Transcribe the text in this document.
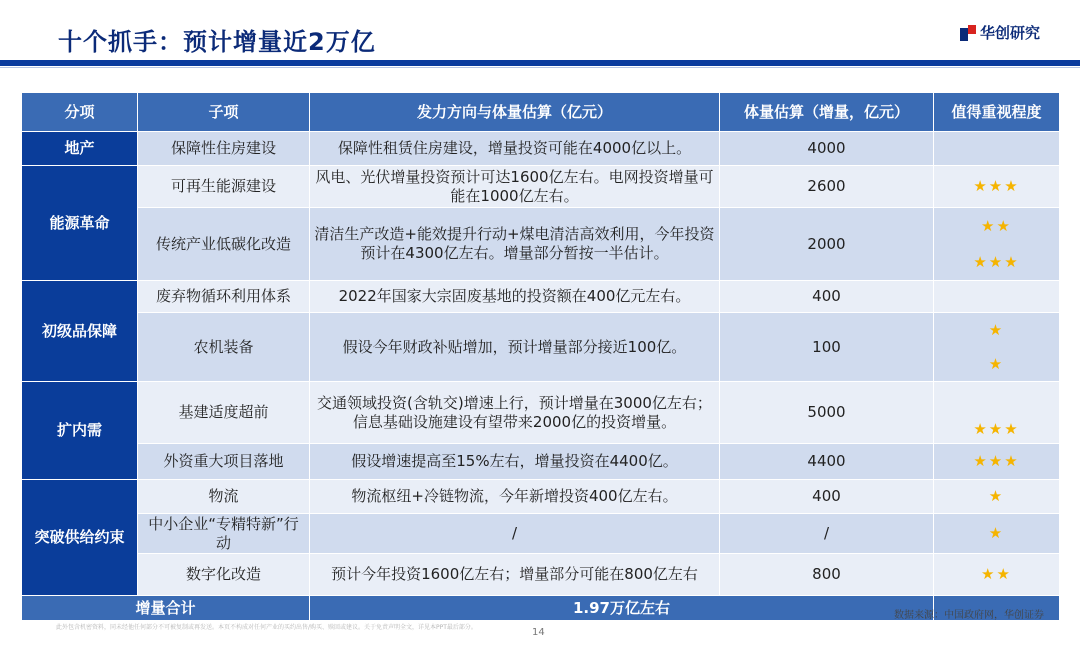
十个抓手：预计增量近2万亿	华创研究
分项	子项	发力方向与体量估算（亿元）	体量估算（增量，亿元）	值得重视程度
地产	保障性住房建设	保障性租赁住房建设，增量投资可能在4000亿以上。	4000	
能源革命	可再生能源建设	风电、光伏增量投资预计可达1600亿左右。电网投资增量可能在1000亿左右。	2600	★★★
	传统产业低碳化改造	清洁生产改造+能效提升行动+煤电清洁高效利用，今年投资预计在4300亿左右。增量部分暂按一半估计。	2000	★★
★★★
初级品保障	废弃物循环利用体系	2022年国家大宗固废基地的投资额在400亿元左右。	400	
	农机装备	假设今年财政补贴增加，预计增量部分接近100亿。	100	★
★
扩内需	基建适度超前	交通领域投资(含轨交)增速上行，预计增量在3000亿左右；信息基础设施建设有望带来2000亿的投资增量。	5000	★★★
	外资重大项目落地	假设增速提高至15%左右，增量投资在4400亿。	4400	★★★
突破供给约束	物流	物流枢纽+冷链物流，今年新增投资400亿左右。	400	★
	中小企业“专精特新”行动	/	/	★
	数字化改造	预计今年投资1600亿左右；增量部分可能在800亿左右	800	★★
增量合计		1.97万亿左右			数据来源：中国政府网，华创证券
此外包含机密资料，同未经他任何部分不可被复制或再发送。本页不构成对任何产业的买约出售/购买、赎回或建议。关于免责声明全文，详见本PPT最后部分。	14
